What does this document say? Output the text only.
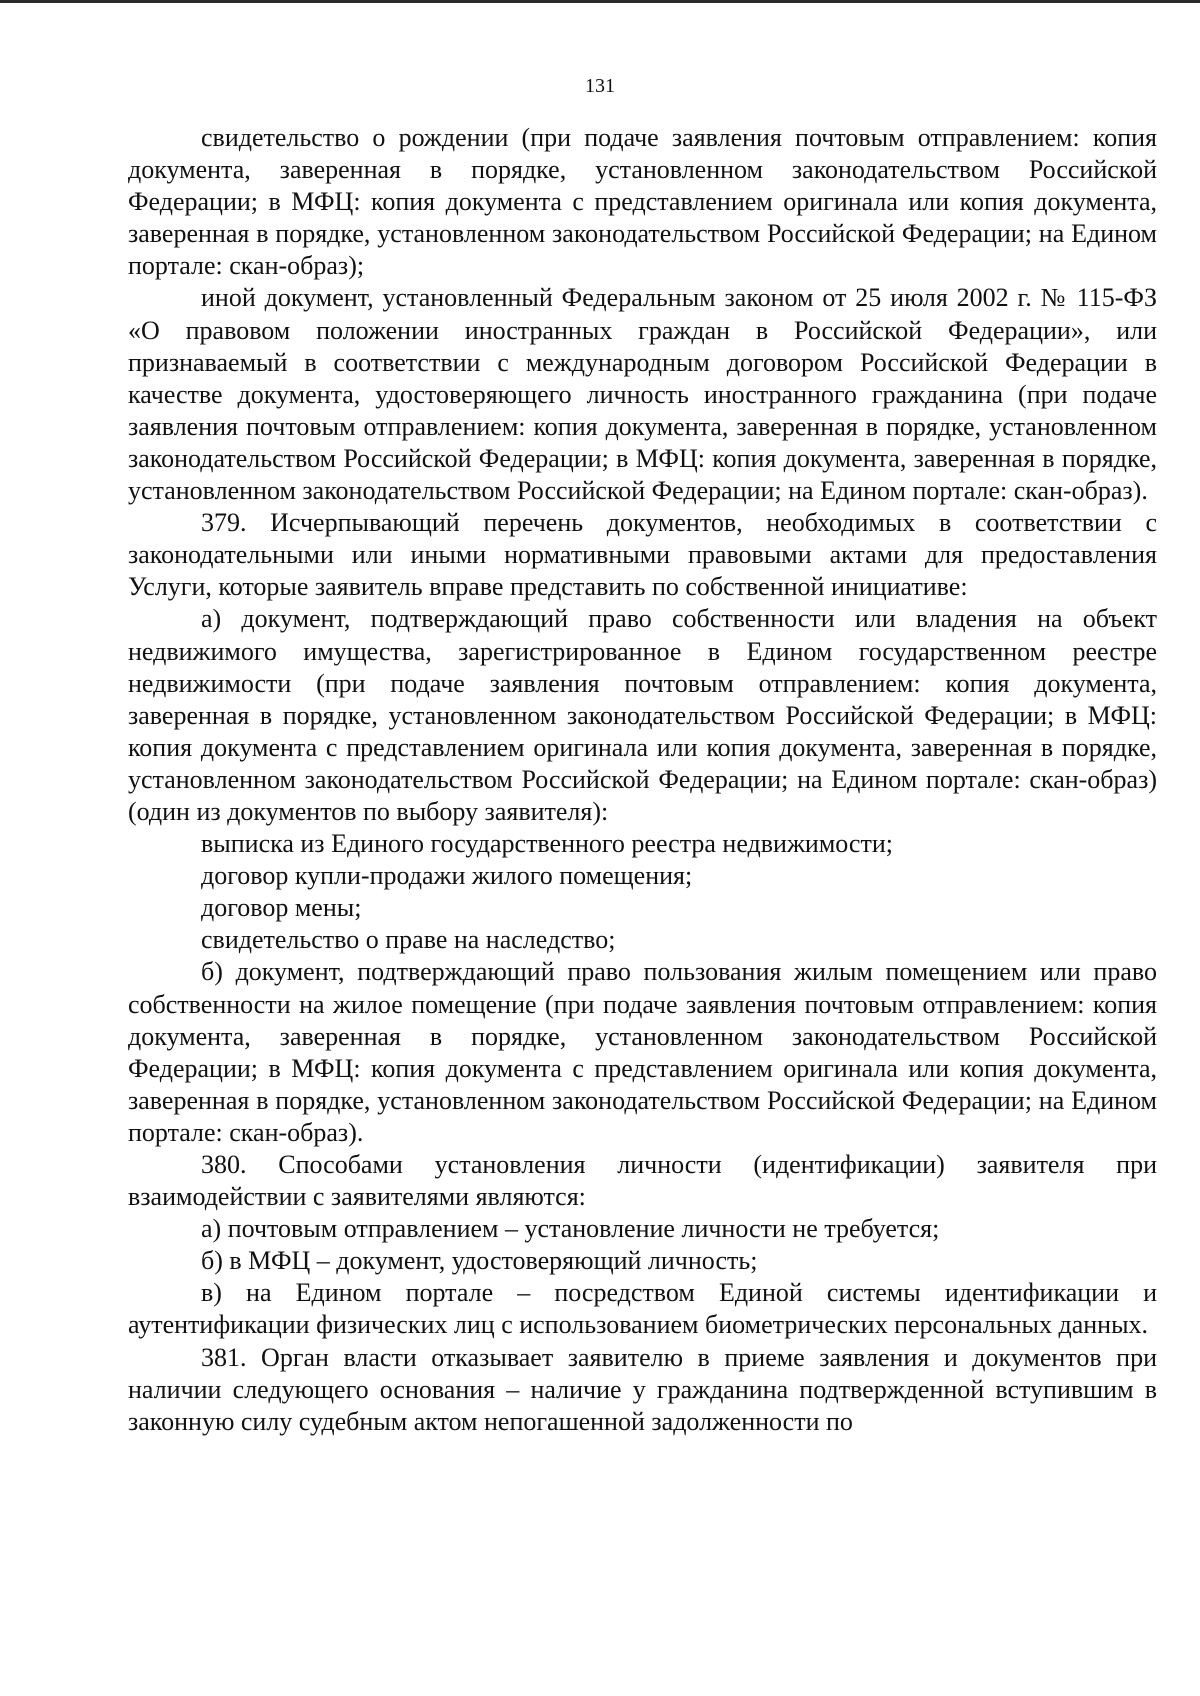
131

свидетельство о рождении (при подаче заявления почтовым отправлением: копия документа, заверенная в порядке, установленном законодательством Российской Федерации; в МФЦ: копия документа с представлением оригинала или копия документа, заверенная в порядке, установленном законодательством Российской Федерации; на Едином портале: скан-образ);

иной документ, установленный Федеральным законом от 25 июля 2002 г. № 115-ФЗ «О правовом положении иностранных граждан в Российской Федерации», или признаваемый в соответствии с международным договором Российской Федерации в качестве документа, удостоверяющего личность иностранного гражданина (при подаче заявления почтовым отправлением: копия документа, заверенная в порядке, установленном законодательством Российской Федерации; в МФЦ: копия документа, заверенная в порядке, установленном законодательством Российской Федерации; на Едином портале: скан-образ).

379. Исчерпывающий перечень документов, необходимых в соответствии с законодательными или иными нормативными правовыми актами для предоставления Услуги, которые заявитель вправе представить по собственной инициативе:

а) документ, подтверждающий право собственности или владения на объект недвижимого имущества, зарегистрированное в Едином государственном реестре недвижимости (при подаче заявления почтовым отправлением: копия документа, заверенная в порядке, установленном законодательством Российской Федерации; в МФЦ: копия документа с представлением оригинала или копия документа, заверенная в порядке, установленном законодательством Российской Федерации; на Едином портале: скан-образ) (один из документов по выбору заявителя):

выписка из Единого государственного реестра недвижимости;

договор купли-продажи жилого помещения;

договор мены;

свидетельство о праве на наследство;

б) документ, подтверждающий право пользования жилым помещением или право собственности на жилое помещение (при подаче заявления почтовым отправлением: копия документа, заверенная в порядке, установленном законодательством Российской Федерации; в МФЦ: копия документа с представлением оригинала или копия документа, заверенная в порядке, установленном законодательством Российской Федерации; на Едином портале: скан-образ).

380. Способами установления личности (идентификации) заявителя при взаимодействии с заявителями являются:

а) почтовым отправлением – установление личности не требуется;

б) в МФЦ – документ, удостоверяющий личность;

в) на Едином портале – посредством Единой системы идентификации и аутентификации физических лиц с использованием биометрических персональных данных.

381. Орган власти отказывает заявителю в приеме заявления и документов при наличии следующего основания – наличие у гражданина подтвержденной вступившим в законную силу судебным актом непогашенной задолженности по
